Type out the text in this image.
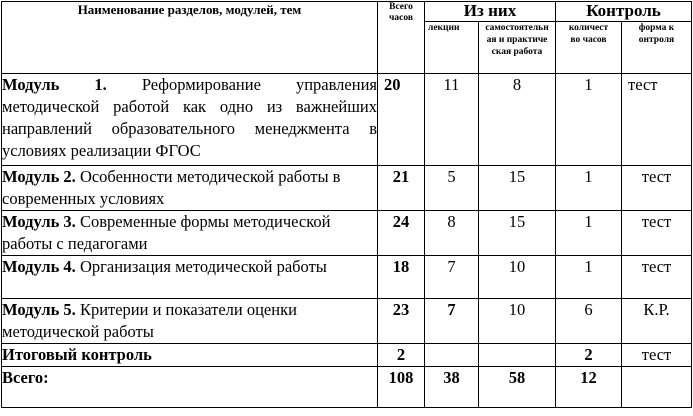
Наименование разделов, модулей, тем	Всего часов	Из них		Контроль	
		лекции	самостоятельная и практическая работа	количество часов	форма контроля
Модуль 1. Реформирование управления методической работой как одно из важнейших направлений образовательного менеджмента в условиях реализации ФГОС	20	11	8	1	тест
Модуль 2. Особенности методической работы в современных условиях	21	5	15	1	тест
Модуль 3. Современные формы методической работы с педагогами	24	8	15	1	тест
Модуль 4. Организация методической работы	18	7	10	1	тест
Модуль 5. Критерии и показатели оценки методической работы	23	7	10	6	К.Р.
Итоговый контроль	2			2	тест
Всего:	108	38	58	12	
